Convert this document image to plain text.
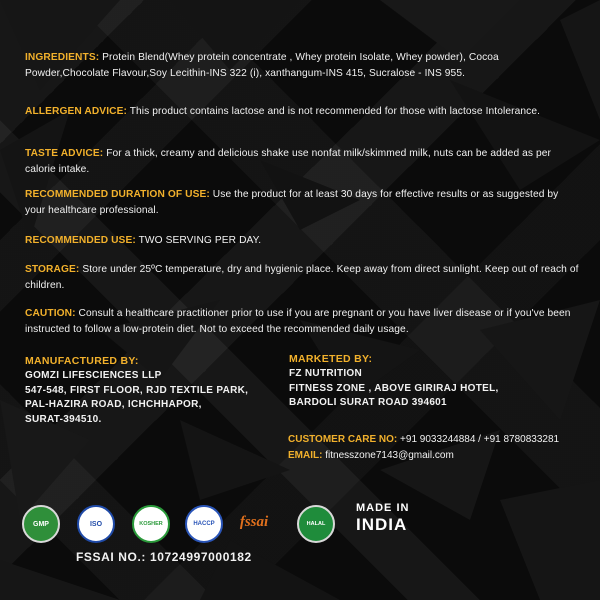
INGREDIENTS: Protein Blend(Whey protein concentrate , Whey protein Isolate, Whey powder), Cocoa Powder,Chocolate Flavour,Soy Lecithin-INS 322 (i), xanthangum-INS 415, Sucralose - INS 955.
ALLERGEN ADVICE: This product contains lactose and is not recommended for those with lactose Intolerance.
TASTE ADVICE: For a thick, creamy and delicious shake use nonfat milk/skimmed milk, nuts can be added as per calorie intake.
RECOMMENDED DURATION OF USE: Use the product for at least 30 days for effective results or as suggested by your healthcare professional.
RECOMMENDED USE: TWO SERVING PER DAY.
STORAGE: Store under 25ºC temperature, dry and hygienic place. Keep away from direct sunlight. Keep out of reach of children.
CAUTION: Consult a healthcare practitioner prior to use if you are pregnant or you have liver disease or if you've been instructed to follow a low-protein diet. Not to exceed the recommended daily usage.
MANUFACTURED BY:
GOMZI LIFESCIENCES LLP
547-548, FIRST FLOOR, RJD TEXTILE PARK,
PAL-HAZIRA ROAD, ICHCHHAPOR,
SURAT-394510.
MARKETED BY:
FZ NUTRITION
FITNESS ZONE , ABOVE GIRIRAJ HOTEL,
BARDOLI SURAT ROAD 394601
CUSTOMER CARE NO: +91 9033244884 / +91 8780833281
EMAIL: fitnesszone7143@gmail.com
GMP	ISO	KOSHER	HACCP fssai	HALAL
MADE IN
INDIA
FSSAI NO.: 10724997000182
